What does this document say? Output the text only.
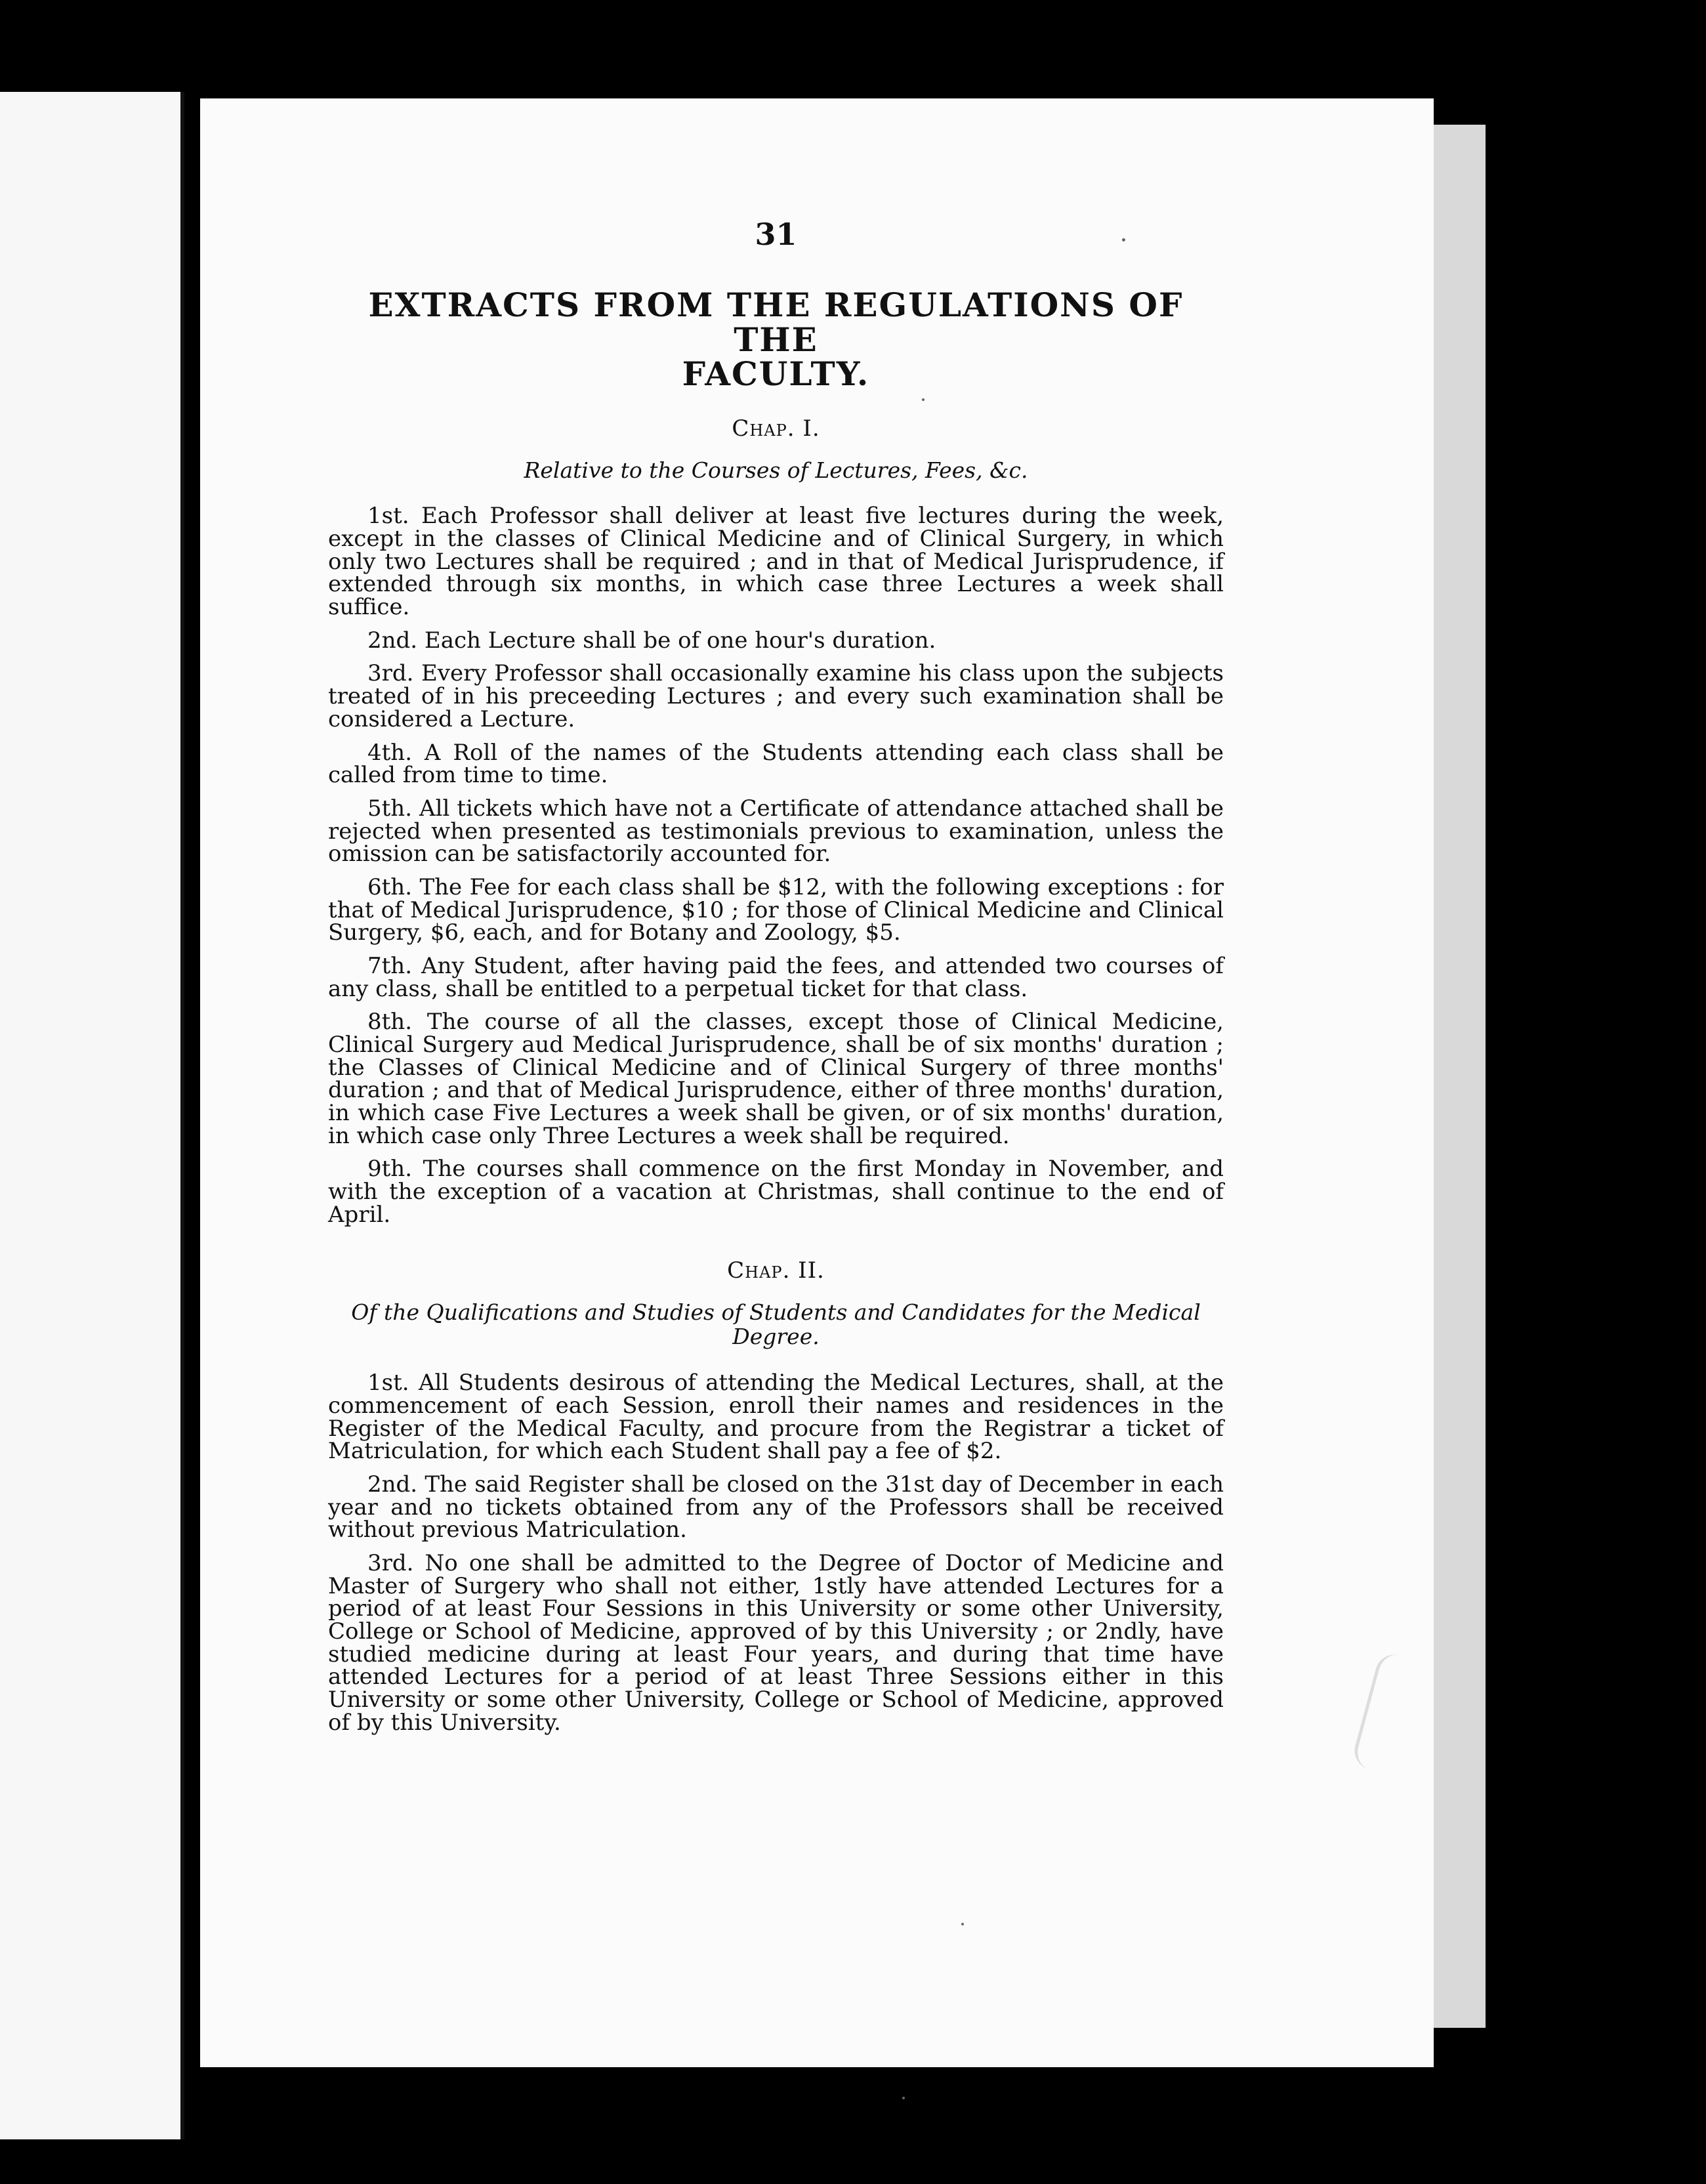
31
EXTRACTS FROM THE REGULATIONS OF THE
FACULTY.
Chap. I.
Relative to the Courses of Lectures, Fees, &c.

1st. Each Professor shall deliver at least five lectures during the week, except in the classes of Clinical Medicine and of Clinical Surgery, in which only two Lectures shall be required ; and in that of Medical Jurisprudence, if extended through six months, in which case three Lectures a week shall suffice.

2nd. Each Lecture shall be of one hour's duration.

3rd. Every Professor shall occasionally examine his class upon the subjects treated of in his preceeding Lectures ; and every such examination shall be considered a Lecture.

4th. A Roll of the names of the Students attending each class shall be called from time to time.

5th. All tickets which have not a Certificate of attendance attached shall be rejected when presented as testimonials previous to examination, unless the omission can be satisfactorily accounted for.

6th. The Fee for each class shall be $12, with the following exceptions : for that of Medical Jurisprudence, $10 ; for those of Clinical Medicine and Clinical Surgery, $6, each, and for Botany and Zoology, $5.

7th. Any Student, after having paid the fees, and attended two courses of any class, shall be entitled to a perpetual ticket for that class.

8th. The course of all the classes, except those of Clinical Medicine, Clinical Surgery aud Medical Jurisprudence, shall be of six months' duration ; the Classes of Clinical Medicine and of Clinical Surgery of three months' duration ; and that of Medical Jurisprudence, either of three months' duration, in which case Five Lectures a week shall be given, or of six months' duration, in which case only Three Lectures a week shall be required.

9th. The courses shall commence on the first Monday in November, and with the exception of a vacation at Christmas, shall continue to the end of April.

Chap. II.
Of the Qualifications and Studies of Students and Candidates for the Medical Degree.

1st. All Students desirous of attending the Medical Lectures, shall, at the commencement of each Session, enroll their names and residences in the Register of the Medical Faculty, and procure from the Registrar a ticket of Matriculation, for which each Student shall pay a fee of $2.

2nd. The said Register shall be closed on the 31st day of December in each year and no tickets obtained from any of the Professors shall be received without previous Matriculation.

3rd. No one shall be admitted to the Degree of Doctor of Medicine and Master of Surgery who shall not either, 1stly have attended Lectures for a period of at least Four Sessions in this University or some other University, College or School of Medicine, approved of by this University ; or 2ndly, have studied medicine during at least Four years, and during that time have attended Lectures for a period of at least Three Sessions either in this University or some other University, College or School of Medicine, approved of by this University.
